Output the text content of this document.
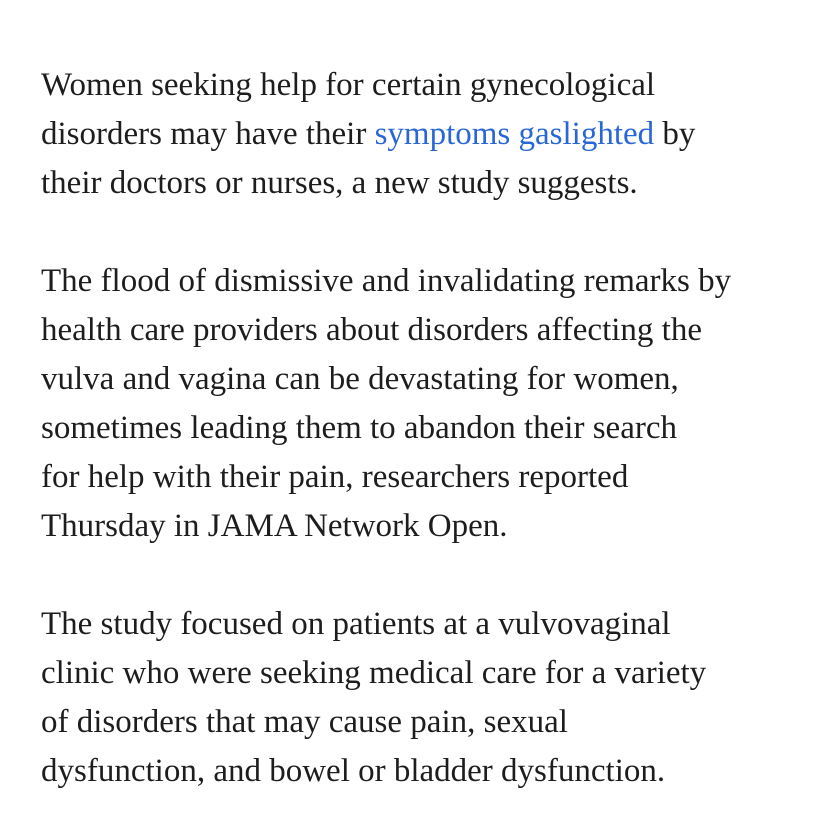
Women seeking help for certain gynecological
disorders may have their symptoms gaslighted by
their doctors or nurses, a new study suggests.

The flood of dismissive and invalidating remarks by
health care providers about disorders affecting the
vulva and vagina can be devastating for women,
sometimes leading them to abandon their search
for help with their pain, researchers reported
Thursday in JAMA Network Open.

The study focused on patients at a vulvovaginal
clinic who were seeking medical care for a variety
of disorders that may cause pain, sexual
dysfunction, and bowel or bladder dysfunction.
